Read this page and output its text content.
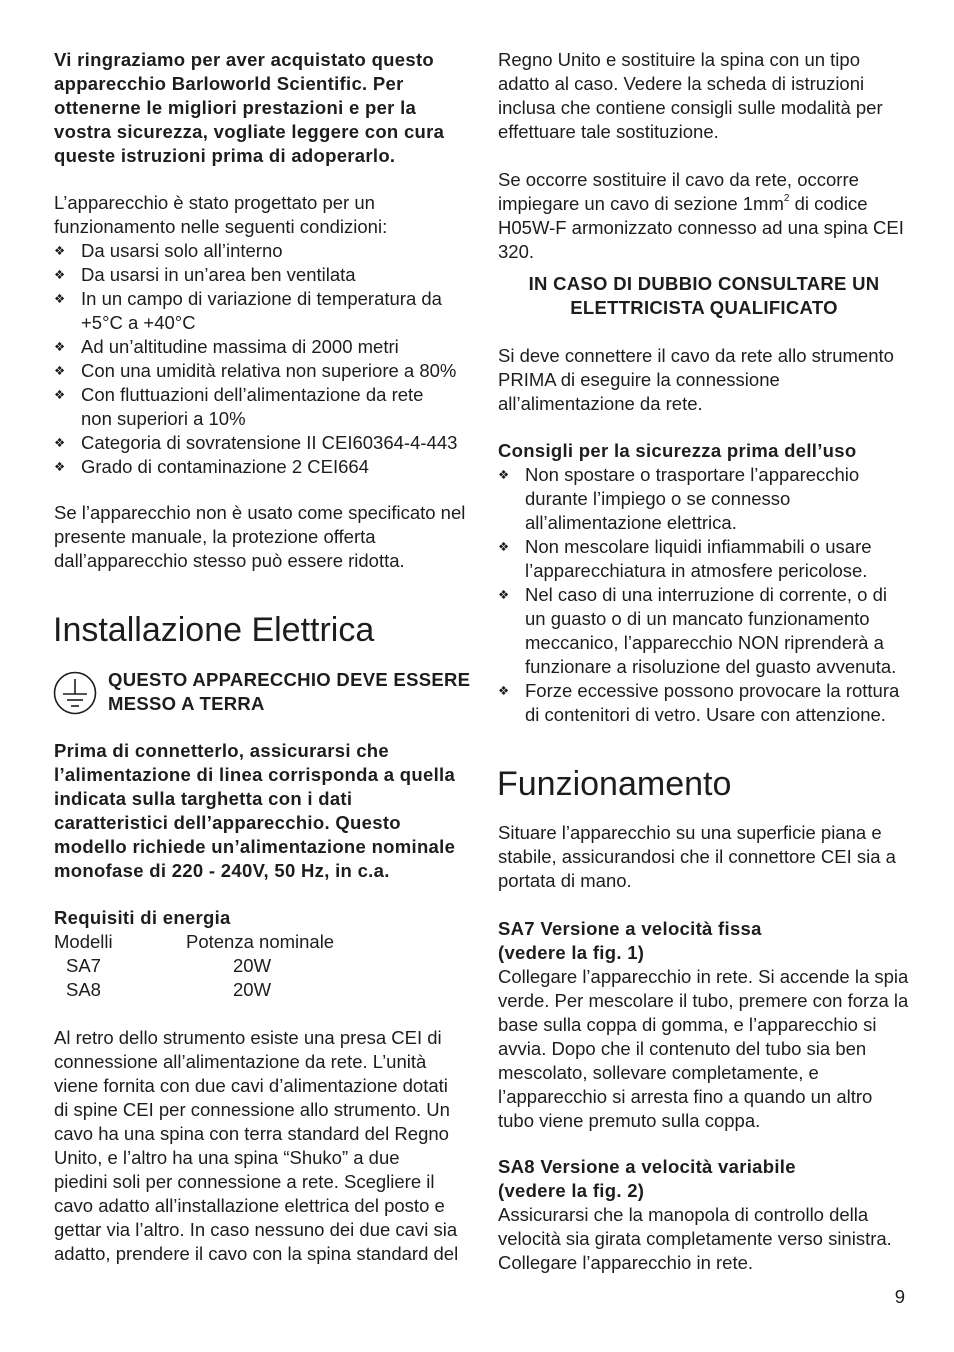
Vi ringraziamo per aver acquistato questo
apparecchio Barloworld Scientific. Per
ottenerne le migliori prestazioni e per la
vostra sicurezza, vogliate leggere con cura
queste istruzioni prima di adoperarlo.
L’apparecchio è stato progettato per un
funzionamento nelle seguenti condizioni:
❖
Da usarsi solo all’interno
❖
Da usarsi in un’area ben ventilata
❖
In un campo di variazione di temperatura da
+5°C a +40°C
❖
Ad un’altitudine massima di 2000 metri
❖
Con una umidità relativa non superiore a 80%
❖
Con fluttuazioni dell’alimentazione da rete
non superiori a 10%
❖
Categoria di sovratensione II CEI60364-4-443
❖
Grado di contaminazione 2 CEI664
Se l’apparecchio non è usato come specificato nel
presente manuale, la protezione offerta
dall’apparecchio stesso può essere ridotta.
Installazione Elettrica
QUESTO APPARECCHIO DEVE ESSERE
MESSO A TERRA
Prima di connetterlo, assicurarsi che
l’alimentazione di linea corrisponda a quella
indicata sulla targhetta con i dati
caratteristici dell’apparecchio. Questo
modello richiede un’alimentazione nominale
monofase di 220 - 240V, 50 Hz, in c.a.
Requisiti di energia
Modelli	Potenza nominale
SA7	20W
SA8	20W
Al retro dello strumento esiste una presa CEI di
connessione all’alimentazione da rete. L’unità
viene fornita con due cavi d’alimentazione dotati
di spine CEI per connessione allo strumento. Un
cavo ha una spina con terra standard del Regno
Unito, e l’altro ha una spina “Shuko” a due
piedini soli per connessione a rete. Scegliere il
cavo adatto all’installazione elettrica del posto e
gettar via l’altro. In caso nessuno dei due cavi sia
adatto, prendere il cavo con la spina standard del
Regno Unito e sostituire la spina con un tipo
adatto al caso. Vedere la scheda di istruzioni
inclusa che contiene consigli sulle modalità per
effettuare tale sostituzione.
Se occorre sostituire il cavo da rete, occorre
impiegare un cavo di sezione $1mm^2$ di codice
H05W-F armonizzato connesso ad una spina CEI
320.
IN CASO DI DUBBIO CONSULTARE UN
ELETTRICISTA QUALIFICATO
Si deve connettere il cavo da rete allo strumento
PRIMA di eseguire la connessione
all’alimentazione da rete.
Consigli per la sicurezza prima dell’uso
❖
Non spostare o trasportare l’apparecchio
durante l’impiego o se connesso
all’alimentazione elettrica.
❖
Non mescolare liquidi infiammabili o usare
l’apparecchiatura in atmosfere pericolose.
❖
Nel caso di una interruzione di corrente, o di
un guasto o di un mancato funzionamento
meccanico, l’apparecchio NON riprenderà a
funzionare a risoluzione del guasto avvenuta.
❖
Forze eccessive possono provocare la rottura
di contenitori di vetro. Usare con attenzione.
Funzionamento
Situare l’apparecchio su una superficie piana e
stabile, assicurandosi che il connettore CEI sia a
portata di mano.
SA7 Versione a velocità fissa
(vedere la fig. 1)
Collegare l’apparecchio in rete. Si accende la spia
verde. Per mescolare il tubo, premere con forza la
base sulla coppa di gomma, e l’apparecchio si
avvia. Dopo che il contenuto del tubo sia ben
mescolato, sollevare completamente, e
l’apparecchio si arresta fino a quando un altro
tubo viene premuto sulla coppa.
SA8 Versione a velocità variabile
(vedere la fig. 2)
Assicurarsi che la manopola di controllo della
velocità sia girata completamente verso sinistra.
Collegare l’apparecchio in rete.
9
